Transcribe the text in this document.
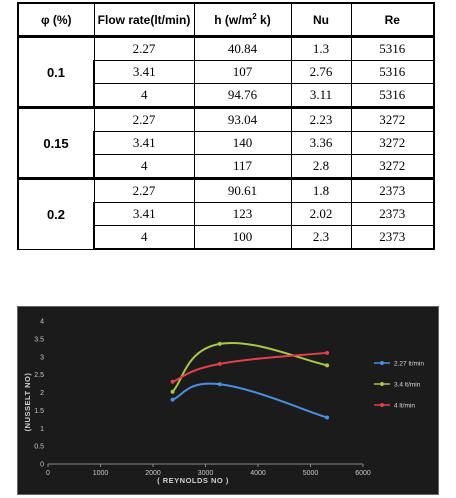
φ (%)	Flow rate(lt/min)	h ($w/m^2$ k)	Nu	Re
0.1	2.27	40.84	1.3	5316
	3.41	107	2.76	5316
	4	94.76	3.11	5316
0.15	2.27	93.04	2.23	3272
	3.41	140	3.36	3272
	4	117	2.8	3272
0.2	2.27	90.61	1.8	2373
	3.41	123	2.02	2373
	4	100	2.3	2373
(NUSSELT NO)
( REYNOLDS NO )
0
0.5
1
1.5
2
2.5
3
3.5
4
0	1000	2000	3000	4000	5000	6000
2.27 lt/min
3.4 lt/min
4 lt/min
